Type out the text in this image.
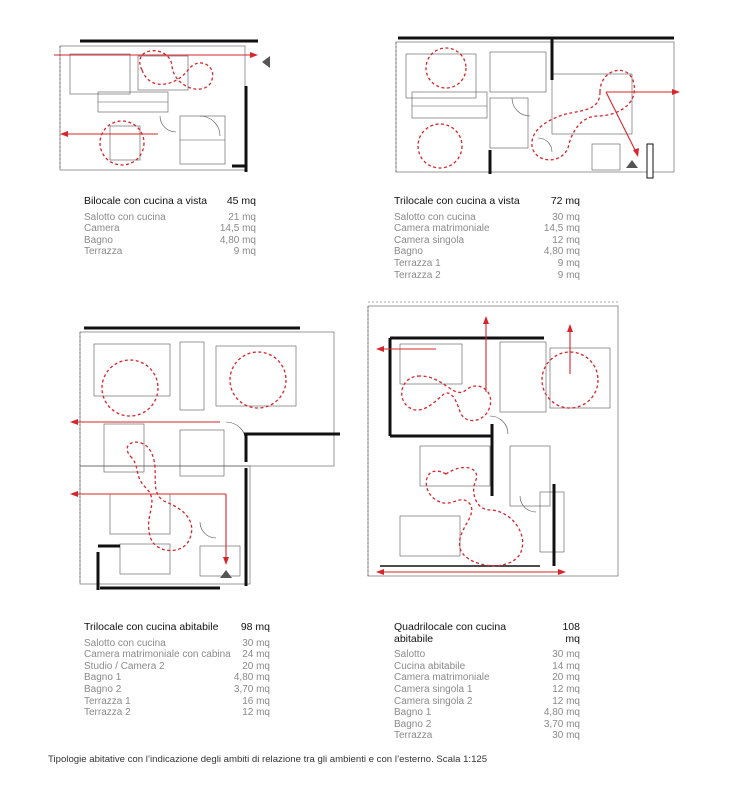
Bilocale con cucina a vista 45 mq
Salotto con cucina	21 mq
Camera	14,5 mq
Bagno	4,80 mq
Terrazza	9 mq
Trilocale con cucina a vista	72 mq
Salotto con cucina	30 mq
Camera matrimoniale	14,5 mq
Camera singola	12 mq
Bagno	4,80 mq
Terrazza 1	9 mq
Terrazza 2	9 mq
Trilocale con cucina abitabile 98 mq
Salotto con cucina	30 mq
Camera matrimoniale con cabina 24 mq
Studio / Camera 2	20 mq
Bagno 1	4,80 mq
Bagno 2	3,70 mq
Terrazza 1	16 mq
Terrazza 2	12 mq
Quadrilocale con cucina abitabile
108 mq
Salotto	30 mq
Cucina abitabile	14 mq
Camera matrimoniale	20 mq
Camera singola 1	12 mq
Camera singola 2	12 mq
Bagno 1	4,80 mq
Bagno 2	3,70 mq
Terrazza	30 mq
Tipologie abitative con l’indicazione degli ambiti di relazione tra gli ambienti e con l’esterno. Scala 1:125
